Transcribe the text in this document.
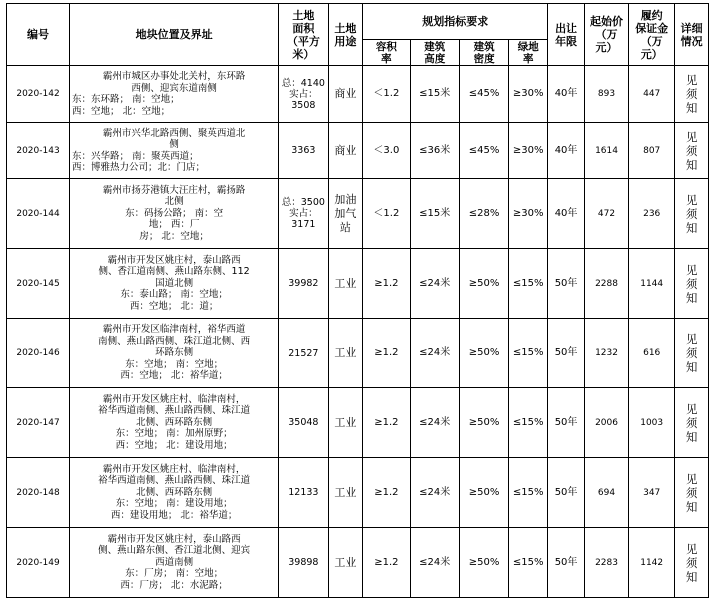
编号	地块位置及界址	土地
面积
（平方
米）	土地
用途	规划指标要求				出让
年限	起始价
（万
元）	履约
保证金
（万
元）	详细
情况

				容积
率	建筑
高度	建筑
密度	绿地
率				

2020-142	霸州市城区办事处北关村，东环路
西侧、迎宾东道南侧
东：东环路； 南：空地；
西：空地； 北：空地；	总：4140
实占：
3508	商业	＜1.2	≤15米	≤45%	≥30%	40年	893	447	见
须
知

2020-143	霸州市兴华北路西侧、聚英西道北
侧
东：兴华路； 南：聚英西道；
西：博雅热力公司；北：门店；	3363	商业	＜3.0	≤36米	≤45%	≥30%	40年	1614	807	见
须
知

2020-144	霸州市扬芬港镇大汪庄村，霸扬路
北侧
东：码扬公路； 南：空
地； 西：厂
房； 北：空地；	总：3500
实占：
3171	加油
加气
站	＜1.2	≤15米	≤28%	≥30%	40年	472	236	见
须
知

2020-145	霸州市开发区姚庄村，泰山路西
侧、香江道南侧、燕山路东侧、112
国道北侧
东：泰山路； 南：空地；
西：空地； 北：道；	39982	工业	≥1.2	≤24米	≥50%	≤15%	50年	2288	1144	见
须
知

2020-146	霸州市开发区临津南村，裕华西道
南侧、燕山路西侧、珠江道北侧、西
环路东侧
东：空地； 南：空地；
西：空地； 北：裕华道；	21527	工业	≥1.2	≤24米	≥50%	≤15%	50年	1232	616	见
须
知

2020-147	霸州市开发区姚庄村、临津南村，
裕华西道南侧、燕山路西侧、珠江道
北侧、西环路东侧
东：空地； 南：加州原野；
西：空地； 北：建设用地；	35048	工业	≥1.2	≤24米	≥50%	≤15%	50年	2006	1003	见
须
知

2020-148	霸州市开发区姚庄村、临津南村，
裕华西道南侧、燕山路西侧、珠江道
北侧、西环路东侧
东：空地； 南：建设用地；
西：建设用地； 北：裕华道；	12133	工业	≥1.2	≤24米	≥50%	≤15%	50年	694	347	见
须
知

2020-149	霸州市开发区姚庄村，泰山路西
侧、燕山路东侧、香江道北侧、迎宾
西道南侧
东：厂房； 南：空地；
西：厂房； 北：水泥路；	39898	工业	≥1.2	≤24米	≥50%	≤15%	50年	2283	1142	见
须
知
